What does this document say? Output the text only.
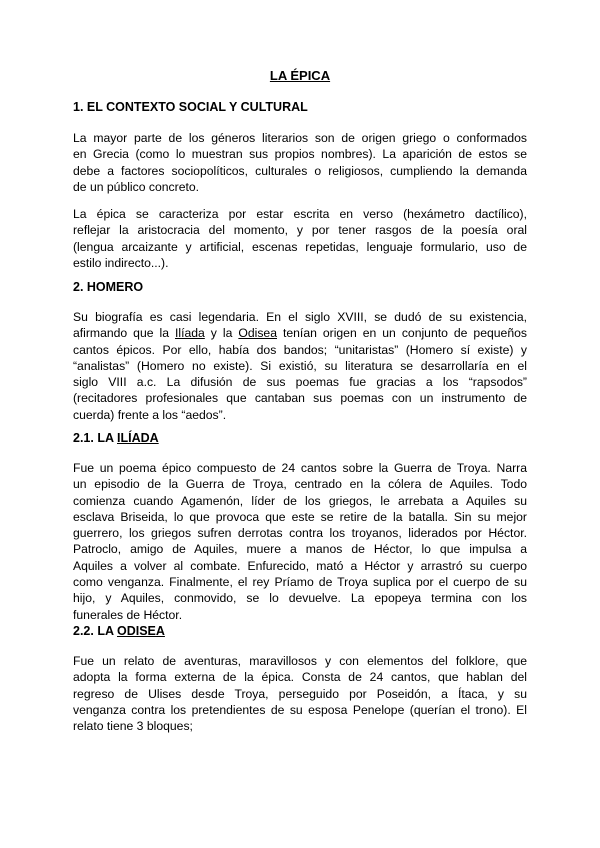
LA ÉPICA
1. EL CONTEXTO SOCIAL Y CULTURAL
La mayor parte de los géneros literarios son de origen griego o conformados
en Grecia (como lo muestran sus propios nombres). La aparición de estos se
debe a factores sociopolíticos, culturales o religiosos, cumpliendo la demanda
de un público concreto.
La épica se caracteriza por estar escrita en verso (hexámetro dactílico),
reflejar la aristocracia del momento, y por tener rasgos de la poesía oral
(lengua arcaizante y artificial, escenas repetidas, lenguaje formulario, uso de
estilo indirecto...).
2. HOMERO
Su biografía es casi legendaria. En el siglo XVIII, se dudó de su existencia,
afirmando que la Ilíada y la Odisea tenían origen en un conjunto de pequeños
cantos épicos. Por ello, había dos bandos; “unitaristas” (Homero sí existe) y
“analistas” (Homero no existe). Si existió, su literatura se desarrollaría en el
siglo VIII a.c. La difusión de sus poemas fue gracias a los “rapsodos”
(recitadores profesionales que cantaban sus poemas con un instrumento de
cuerda) frente a los “aedos”.
2.1. LA ILÍADA
Fue un poema épico compuesto de 24 cantos sobre la Guerra de Troya. Narra
un episodio de la Guerra de Troya, centrado en la cólera de Aquiles. Todo
comienza cuando Agamenón, líder de los griegos, le arrebata a Aquiles su
esclava Briseida, lo que provoca que este se retire de la batalla. Sin su mejor
guerrero, los griegos sufren derrotas contra los troyanos, liderados por Héctor.
Patroclo, amigo de Aquiles, muere a manos de Héctor, lo que impulsa a
Aquiles a volver al combate. Enfurecido, mató a Héctor y arrastró su cuerpo
como venganza. Finalmente, el rey Príamo de Troya suplica por el cuerpo de su
hijo, y Aquiles, conmovido, se lo devuelve. La epopeya termina con los
funerales de Héctor.
2.2. LA ODISEA
Fue un relato de aventuras, maravillosos y con elementos del folklore, que
adopta la forma externa de la épica. Consta de 24 cantos, que hablan del
regreso de Ulises desde Troya, perseguido por Poseidón, a Ítaca, y su
venganza contra los pretendientes de su esposa Penelope (querían el trono). El
relato tiene 3 bloques;
